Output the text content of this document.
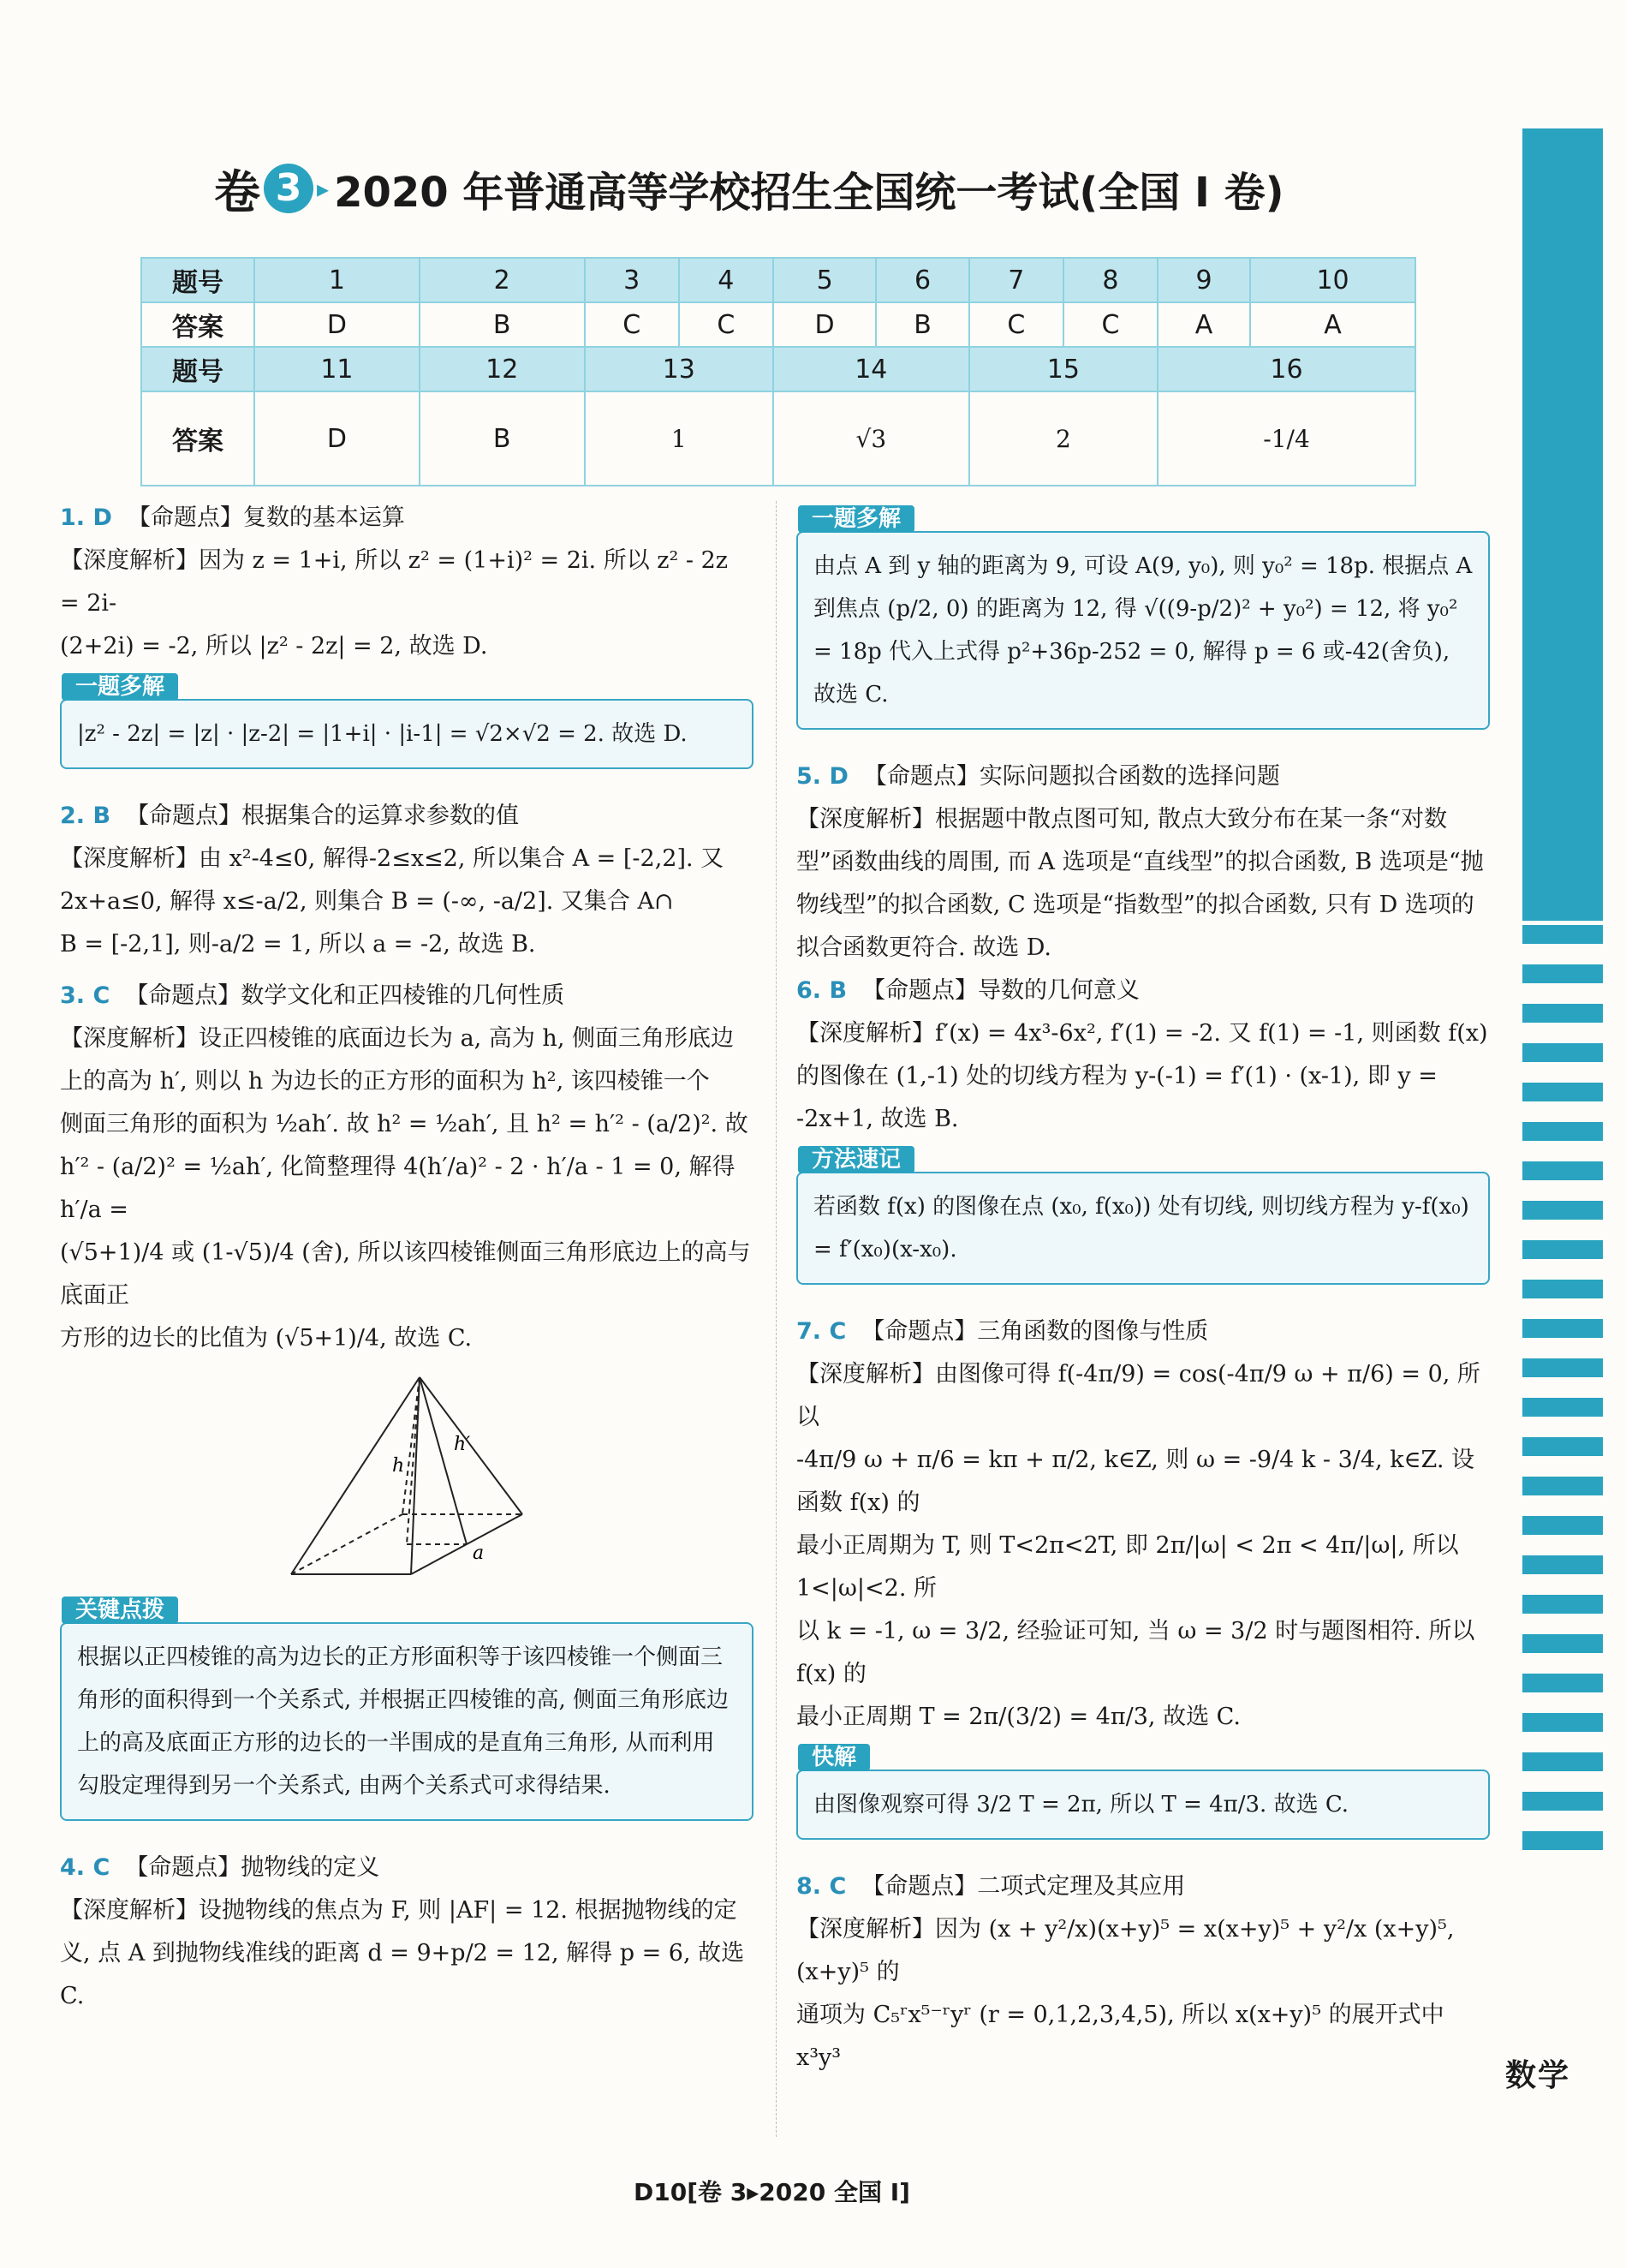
数学
卷 3 ▸ 2020 年普通高等学校招生全国统一考试(全国 Ⅰ 卷)
题号	1	2	3	4	5	6	7	8	9	10
答案	D	B	C	C	D	B	C	C	A	A
题号	11	12	13		14		15		16	
答案	D	B	1		√3		2		-1/4	

1. D 【命题点】复数的基本运算

【深度解析】因为 z = 1+i, 所以 z² = (1+i)² = 2i. 所以 z² - 2z = 2i-

(2+2i) = -2, 所以 |z² - 2z| = 2, 故选 D.

一题多解
|z² - 2z| = |z| · |z-2| = |1+i| · |i-1| = √2×√2 = 2. 故选 D.

2. B 【命题点】根据集合的运算求参数的值

【深度解析】由 x²-4≤0, 解得-2≤x≤2, 所以集合 A = [-2,2]. 又

2x+a≤0, 解得 x≤-a/2, 则集合 B = (-∞, -a/2]. 又集合 A∩

B = [-2,1], 则-a/2 = 1, 所以 a = -2, 故选 B.

3. C 【命题点】数学文化和正四棱锥的几何性质

【深度解析】设正四棱锥的底面边长为 a, 高为 h, 侧面三角形底边

上的高为 h′, 则以 h 为边长的正方形的面积为 h², 该四棱锥一个

侧面三角形的面积为 ½ah′. 故 h² = ½ah′, 且 h² = h′² - (a/2)². 故

h′² - (a/2)² = ½ah′, 化简整理得 4(h′/a)² - 2 · h′/a - 1 = 0, 解得 h′/a =

(√5+1)/4 或 (1-√5)/4 (舍), 所以该四棱锥侧面三角形底边上的高与底面正

方形的边长的比值为 (√5+1)/4, 故选 C.

h
h′
a
关键点拨
根据以正四棱锥的高为边长的正方形面积等于该四棱锥一个侧面三角形的面积得到一个关系式, 并根据正四棱锥的高, 侧面三角形底边上的高及底面正方形的边长的一半围成的是直角三角形, 从而利用勾股定理得到另一个关系式, 由两个关系式可求得结果.

4. C 【命题点】抛物线的定义

【深度解析】设抛物线的焦点为 F, 则 |AF| = 12. 根据抛物线的定

义, 点 A 到抛物线准线的距离 d = 9+p/2 = 12, 解得 p = 6, 故选 C.

一题多解
由点 A 到 y 轴的距离为 9, 可设 A(9, y₀), 则 y₀² = 18p. 根据点 A 到焦点 (p/2, 0) 的距离为 12, 得 √((9-p/2)² + y₀²) = 12, 将 y₀² = 18p 代入上式得 p²+36p-252 = 0, 解得 p = 6 或-42(舍负), 故选 C.

5. D 【命题点】实际问题拟合函数的选择问题

【深度解析】根据题中散点图可知, 散点大致分布在某一条“对数型”函数曲线的周围, 而 A 选项是“直线型”的拟合函数, B 选项是“抛物线型”的拟合函数, C 选项是“指数型”的拟合函数, 只有 D 选项的拟合函数更符合. 故选 D.

6. B 【命题点】导数的几何意义

【深度解析】f′(x) = 4x³-6x², f′(1) = -2. 又 f(1) = -1, 则函数 f(x) 的图像在 (1,-1) 处的切线方程为 y-(-1) = f′(1) · (x-1), 即 y = -2x+1, 故选 B.

方法速记
若函数 f(x) 的图像在点 (x₀, f(x₀)) 处有切线, 则切线方程为 y-f(x₀) = f′(x₀)(x-x₀).

7. C 【命题点】三角函数的图像与性质

【深度解析】由图像可得 f(-4π/9) = cos(-4π/9 ω + π/6) = 0, 所以

-4π/9 ω + π/6 = kπ + π/2, k∈Z, 则 ω = -9/4 k - 3/4, k∈Z. 设函数 f(x) 的

最小正周期为 T, 则 T<2π<2T, 即 2π/|ω| < 2π < 4π/|ω|, 所以 1<|ω|<2. 所

以 k = -1, ω = 3/2, 经验证可知, 当 ω = 3/2 时与题图相符. 所以 f(x) 的

最小正周期 T = 2π/(3/2) = 4π/3, 故选 C.

快解
由图像观察可得 3/2 T = 2π, 所以 T = 4π/3. 故选 C.

8. C 【命题点】二项式定理及其应用

【深度解析】因为 (x + y²/x)(x+y)⁵ = x(x+y)⁵ + y²/x (x+y)⁵, (x+y)⁵ 的

通项为 C₅ʳx⁵⁻ʳyʳ (r = 0,1,2,3,4,5), 所以 x(x+y)⁵ 的展开式中 x³y³

D10[卷 3▸2020 全国 Ⅰ]
